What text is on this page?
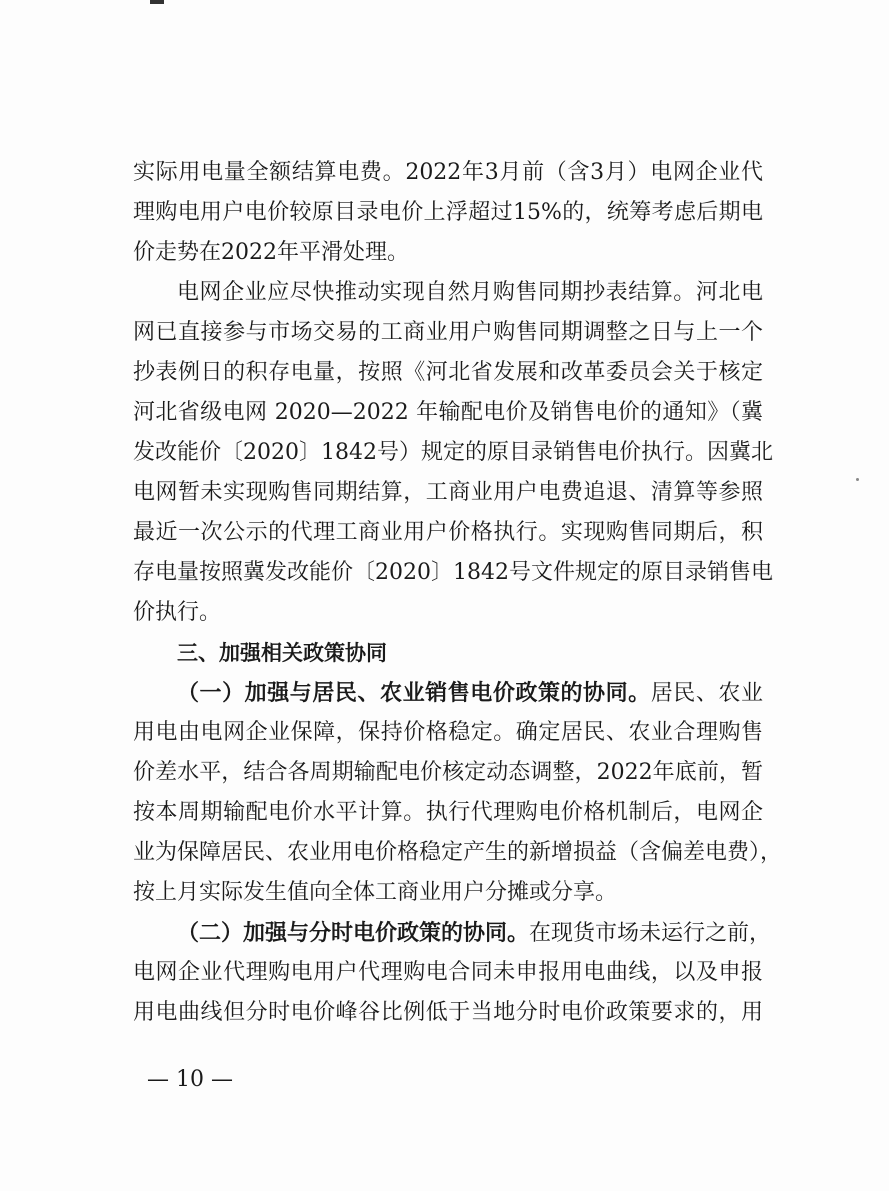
实际用电量全额结算电费。2022年3月前（含3月）电网企业代
理购电用户电价较原目录电价上浮超过15%的，统筹考虑后期电
价走势在2022年平滑处理。
电网企业应尽快推动实现自然月购售同期抄表结算。河北电
网已直接参与市场交易的工商业用户购售同期调整之日与上一个
抄表例日的积存电量，按照《河北省发展和改革委员会关于核定
河北省级电网 2020—2022 年输配电价及销售电价的通知》（冀
发改能价〔2020〕1842号）规定的原目录销售电价执行。因冀北
电网暂未实现购售同期结算，工商业用户电费追退、清算等参照
最近一次公示的代理工商业用户价格执行。实现购售同期后，积
存电量按照冀发改能价〔2020〕1842号文件规定的原目录销售电
价执行。
三、加强相关政策协同
（一）加强与居民、农业销售电价政策的协同。居民、农业
用电由电网企业保障，保持价格稳定。确定居民、农业合理购售
价差水平，结合各周期输配电价核定动态调整，2022年底前，暂
按本周期输配电价水平计算。执行代理购电价格机制后，电网企
业为保障居民、农业用电价格稳定产生的新增损益（含偏差电费），
按上月实际发生值向全体工商业用户分摊或分享。
（二）加强与分时电价政策的协同。在现货市场未运行之前，
电网企业代理购电用户代理购电合同未申报用电曲线，以及申报
用电曲线但分时电价峰谷比例低于当地分时电价政策要求的，用
— 10 —
